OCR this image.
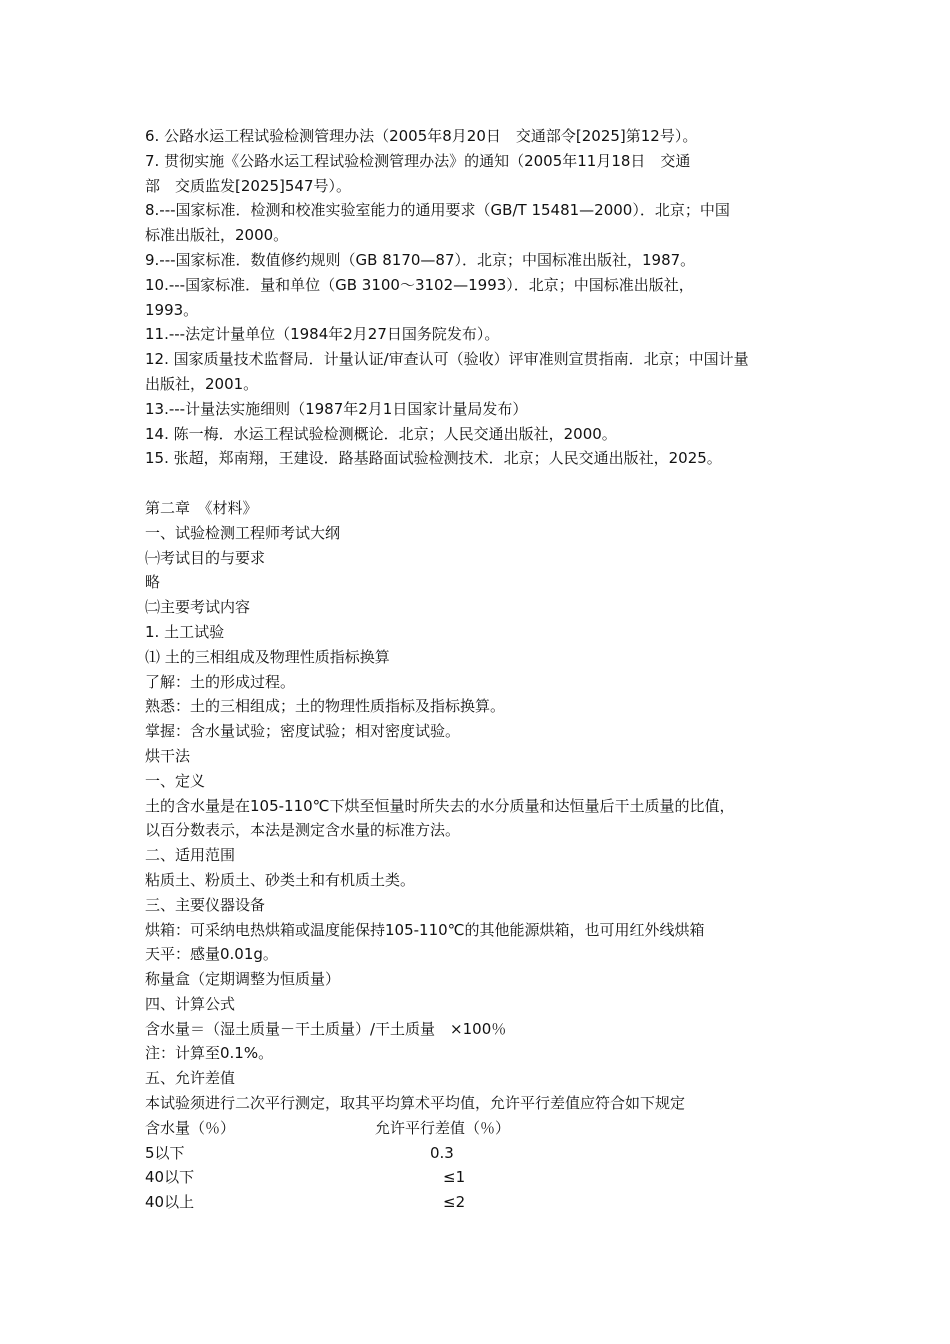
6. 公路水运工程试验检测管理办法（2005年8月20日　交通部令[2025]第12号）。
7. 贯彻实施《公路水运工程试验检测管理办法》的通知（2005年11月18日　交通
部　交质监发[2025]547号）。
8.---国家标准．检测和校准实验室能力的通用要求（GB/T 15481—2000）．北京；中国
标准出版社，2000。
9.---国家标准．数值修约规则（GB 8170—87）．北京；中国标准出版社，1987。
10.---国家标准．量和单位（GB 3100～3102—1993）．北京；中国标准出版社，
1993。
11.---法定计量单位（1984年2月27日国务院发布）。
12. 国家质量技术监督局．计量认证/审查认可（验收）评审准则宣贯指南．北京；中国计量
出版社，2001。
13.---计量法实施细则（1987年2月1日国家计量局发布）
14. 陈一梅．水运工程试验检测概论．北京；人民交通出版社，2000。
15. 张超，郑南翔，王建设．路基路面试验检测技术．北京；人民交通出版社，2025。
第二章　《材料》
一、试验检测工程师考试大纲
㈠考试目的与要求
略
㈡主要考试内容
1. 土工试验
⑴ 土的三相组成及物理性质指标换算
了解：土的形成过程。
熟悉：土的三相组成；土的物理性质指标及指标换算。
掌握：含水量试验；密度试验；相对密度试验。
烘干法
一、定义
土的含水量是在105-110℃下烘至恒量时所失去的水分质量和达恒量后干土质量的比值，
以百分数表示，本法是测定含水量的标准方法。
二、适用范围
粘质土、粉质土、砂类土和有机质土类。
三、主要仪器设备
烘箱：可采纳电热烘箱或温度能保持105-110℃的其他能源烘箱，也可用红外线烘箱
天平：感量0.01g。
称量盒（定期调整为恒质量）
四、计算公式
含水量＝（湿土质量－干土质量）/干土质量　×100％
注：计算至0.1%。
五、允许差值
本试验须进行二次平行测定，取其平均算术平均值，允许平行差值应符合如下规定
含水量（％）	允许平行差值（％）
5以下	0.3
40以下	≤1
40以上	≤2
